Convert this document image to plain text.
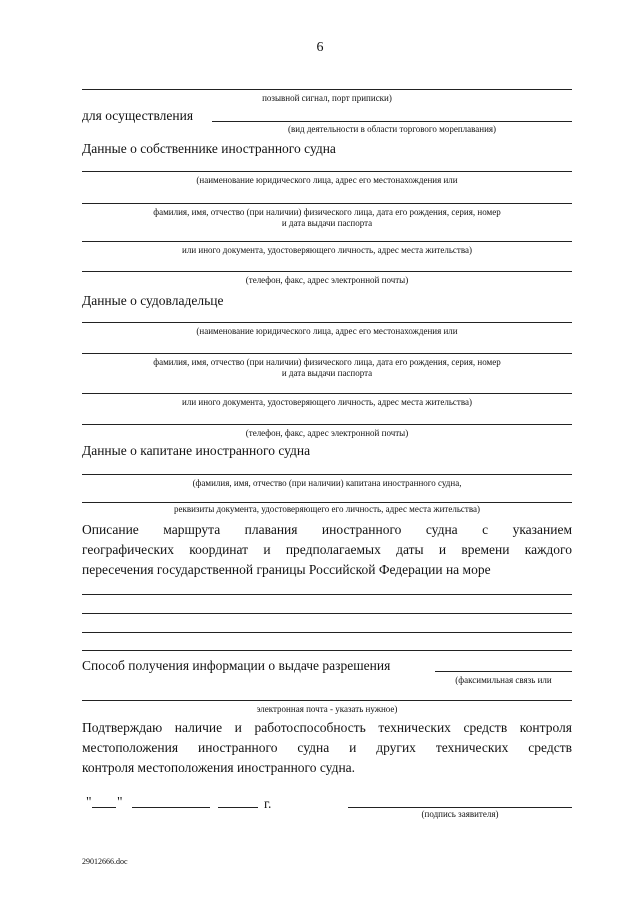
6
позывной сигнал, порт приписки)
для осуществления
(вид деятельности в области торгового мореплавания)
Данные о собственнике иностранного судна
(наименование юридического лица, адрес его местонахождения или
фамилия, имя, отчество (при наличии) физического лица, дата его рождения, серия, номер
и дата выдачи паспорта
или иного документа, удостоверяющего личность, адрес места жительства)
(телефон, факс, адрес электронной почты)
Данные о судовладельце
(наименование юридического лица, адрес его местонахождения или
фамилия, имя, отчество (при наличии) физического лица, дата его рождения, серия, номер
и дата выдачи паспорта
или иного документа, удостоверяющего личность, адрес места жительства)
(телефон, факс, адрес электронной почты)
Данные о капитане иностранного судна
(фамилия, имя, отчество (при наличии) капитана иностранного судна,
реквизиты документа, удостоверяющего его личность, адрес места жительства)
Описание маршрута плавания иностранного судна с указанием
географических координат и предполагаемых даты и времени каждого
пересечения государственной границы Российской Федерации на море
Способ получения информации о выдаче разрешения
(факсимильная связь или
электронная почта - указать нужное)
Подтверждаю наличие и работоспособность технических средств контроля
местоположения иностранного судна и других технических средств
контроля местоположения иностранного судна.
" "	г.
(подпись заявителя)
29012666.doc
